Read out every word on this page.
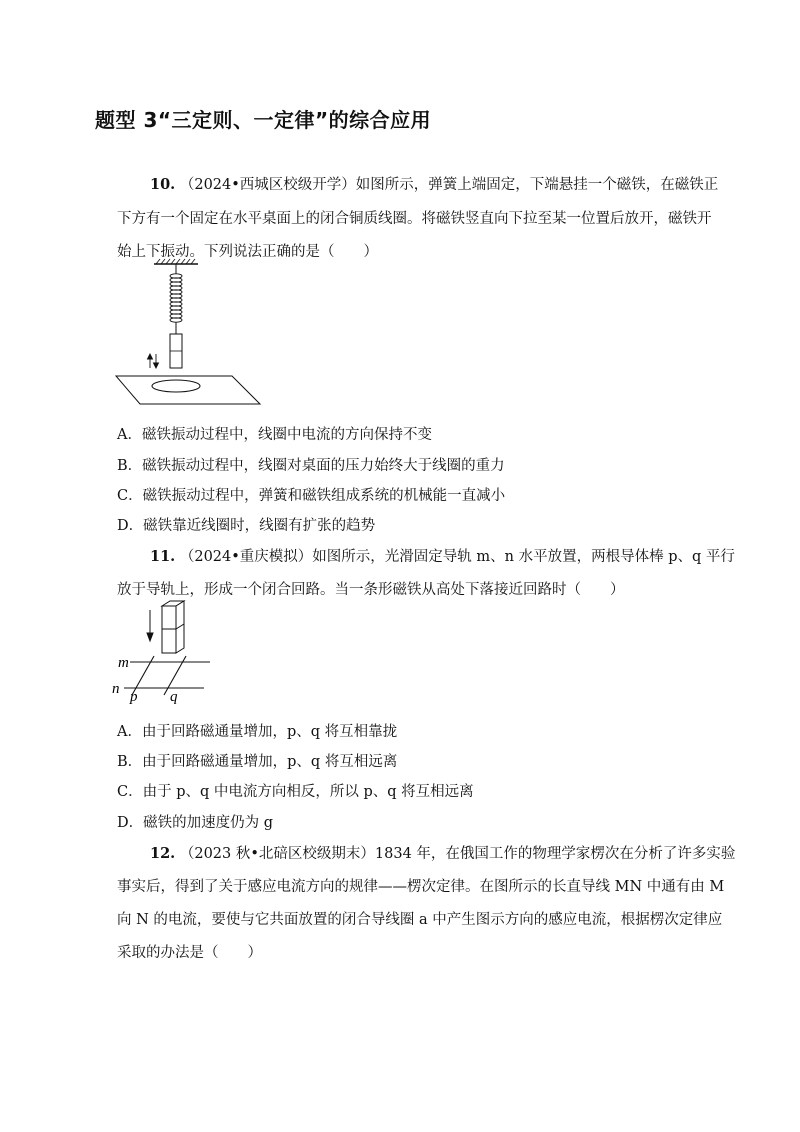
题型 3“三定则、一定律”的综合应用
10. （2024•西城区校级开学）如图所示，弹簧上端固定，下端悬挂一个磁铁，在磁铁正
下方有一个固定在水平桌面上的闭合铜质线圈。将磁铁竖直向下拉至某一位置后放开，磁铁开
始上下振动。下列说法正确的是（　　）
A．磁铁振动过程中，线圈中电流的方向保持不变
B．磁铁振动过程中，线圈对桌面的压力始终大于线圈的重力
C．磁铁振动过程中，弹簧和磁铁组成系统的机械能一直减小
D．磁铁靠近线圈时，线圈有扩张的趋势
11. （2024•重庆模拟）如图所示，光滑固定导轨 m、n 水平放置，两根导体棒 p、q 平行
放于导轨上，形成一个闭合回路。当一条形磁铁从高处下落接近回路时（　　）
m
n p q
A．由于回路磁通量增加，p、q 将互相靠拢
B．由于回路磁通量增加，p、q 将互相远离
C．由于 p、q 中电流方向相反，所以 p、q 将互相远离
D．磁铁的加速度仍为 g
12. （2023 秋•北碚区校级期末）1834 年，在俄国工作的物理学家楞次在分析了许多实验
事实后，得到了关于感应电流方向的规律——楞次定律。在图所示的长直导线 MN 中通有由 M
向 N 的电流，要使与它共面放置的闭合导线圈 a 中产生图示方向的感应电流，根据楞次定律应
采取的办法是（　　）
